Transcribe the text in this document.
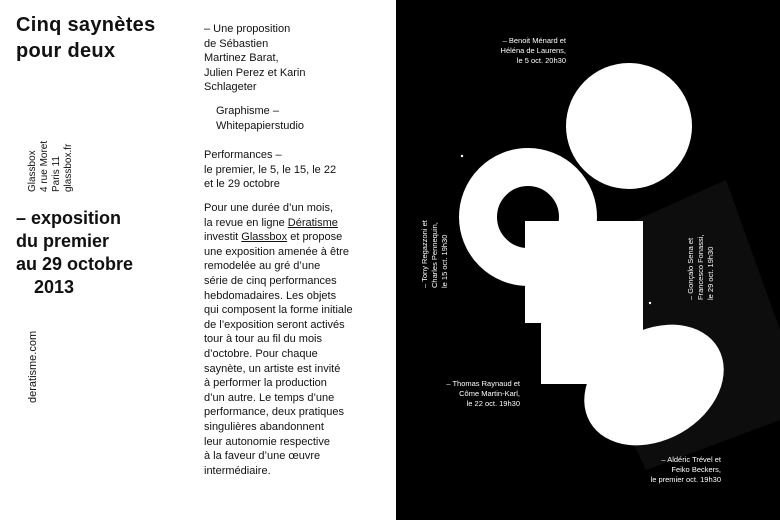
Cinq saynètes
pour deux
Glassbox 4 rue Moret Paris 11 glassbox.fr
– exposition
du premier
au 29 octobre
2013
deratisme.com
– Une proposition
de Sébastien
Martinez Barat,
Julien Perez et Karin
Schlageter
Graphisme –
Whitepapierstudio
Performances –
le premier, le 5, le 15, le 22
et le 29 octobre
Pour une durée d’un mois,
la revue en ligne Dératisme
investit Glassbox et propose
une exposition amenée à être
remodelée au gré d’une
série de cinq performances
hebdomadaires. Les objets
qui composent la forme initiale
de l’exposition seront activés
tour à tour au fil du mois
d’octobre. Pour chaque
saynète, un artiste est invité
à performer la production
d’un autre. Le temps d’une
performance, deux pratiques
singulières abandonnent
leur autonomie respective
à la faveur d’une œuvre
intermédiaire.
– Benoit Ménard et
Héléna de Laurens,
le 5 oct. 20h30
– Tony Regazzoni et Charles Pennequin, le 15 oct. 19h30	– Gonçalo Sena et Francesco Fonassi, le 29 oct. 19h30
– Thomas Raynaud et
Côme Martin-Karl,
le 22 oct. 19h30
– Aldéric Trével et
Feiko Beckers,
le premier oct. 19h30
